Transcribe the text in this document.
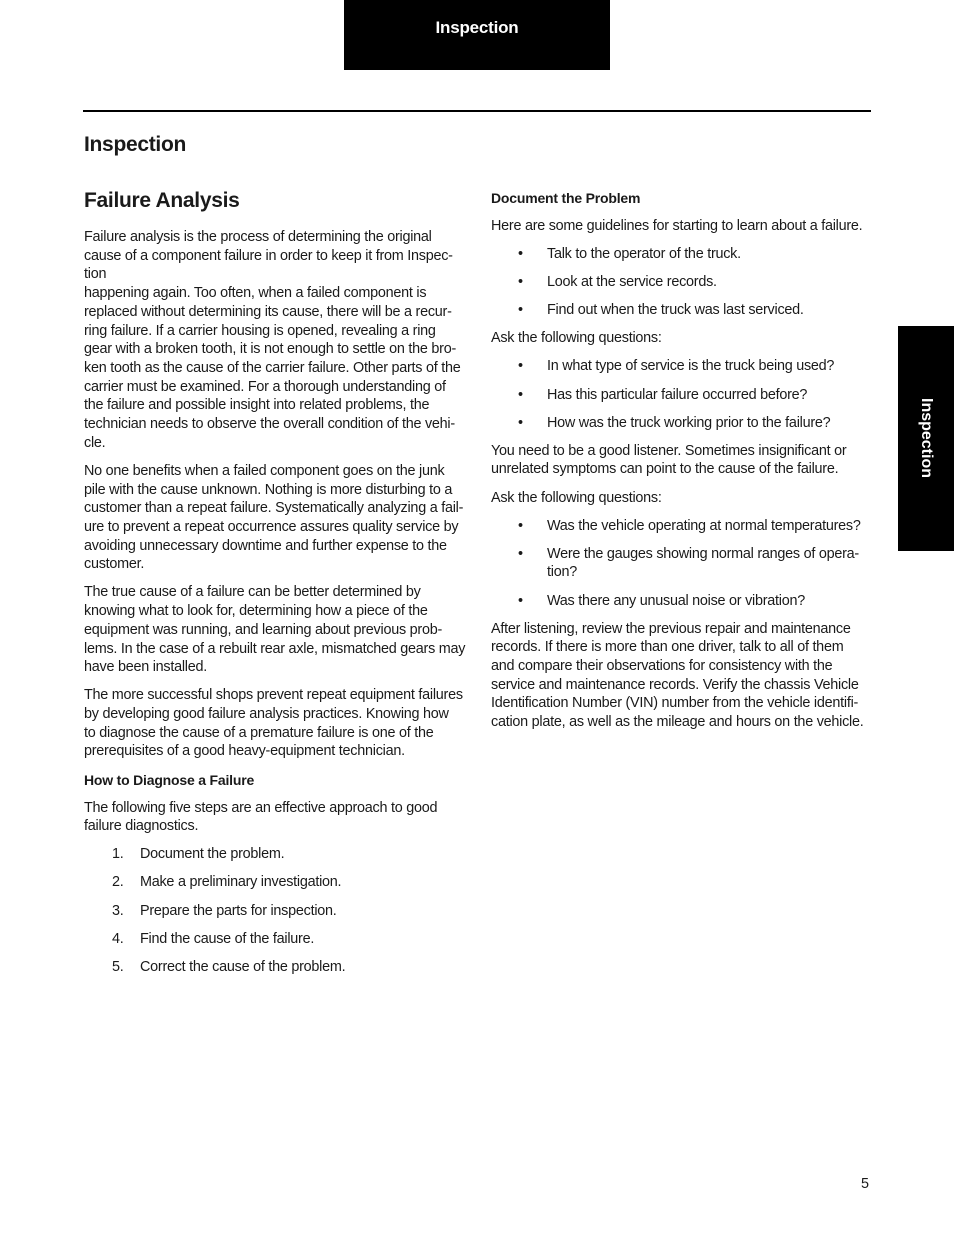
Inspection
Inspection
Inspection
Failure Analysis

Failure analysis is the process of determining the original
cause of a component failure in order to keep it from Inspec-
tion
happening again. Too often, when a failed component is
replaced without determining its cause, there will be a recur-
ring failure. If a carrier housing is opened, revealing a ring
gear with a broken tooth, it is not enough to settle on the bro-
ken tooth as the cause of the carrier failure. Other parts of the
carrier must be examined. For a thorough understanding of
the failure and possible insight into related problems, the
technician needs to observe the overall condition of the vehi-
cle.

No one benefits when a failed component goes on the junk
pile with the cause unknown. Nothing is more disturbing to a
customer than a repeat failure. Systematically analyzing a fail-
ure to prevent a repeat occurrence assures quality service by
avoiding unnecessary downtime and further expense to the
customer.

The true cause of a failure can be better determined by
knowing what to look for, determining how a piece of the
equipment was running, and learning about previous prob-
lems. In the case of a rebuilt rear axle, mismatched gears may
have been installed.

The more successful shops prevent repeat equipment failures
by developing good failure analysis practices. Knowing how
to diagnose the cause of a premature failure is one of the
prerequisites of a good heavy-equipment technician.

How to Diagnose a Failure

The following five steps are an effective approach to good
failure diagnostics.

1. Document the problem.
2. Make a preliminary investigation.
3. Prepare the parts for inspection.
4. Find the cause of the failure.
5. Correct the cause of the problem.
Document the Problem

Here are some guidelines for starting to learn about a failure.

• Talk to the operator of the truck.
• Look at the service records.
• Find out when the truck was last serviced.

Ask the following questions:

• In what type of service is the truck being used?
• Has this particular failure occurred before?
• How was the truck working prior to the failure?

You need to be a good listener. Sometimes insignificant or
unrelated symptoms can point to the cause of the failure.

Ask the following questions:

• Was the vehicle operating at normal temperatures?
• Were the gauges showing normal ranges of opera-
tion?
• Was there any unusual noise or vibration?

After listening, review the previous repair and maintenance
records. If there is more than one driver, talk to all of them
and compare their observations for consistency with the
service and maintenance records. Verify the chassis Vehicle
Identification Number (VIN) number from the vehicle identifi-
cation plate, as well as the mileage and hours on the vehicle.

5
